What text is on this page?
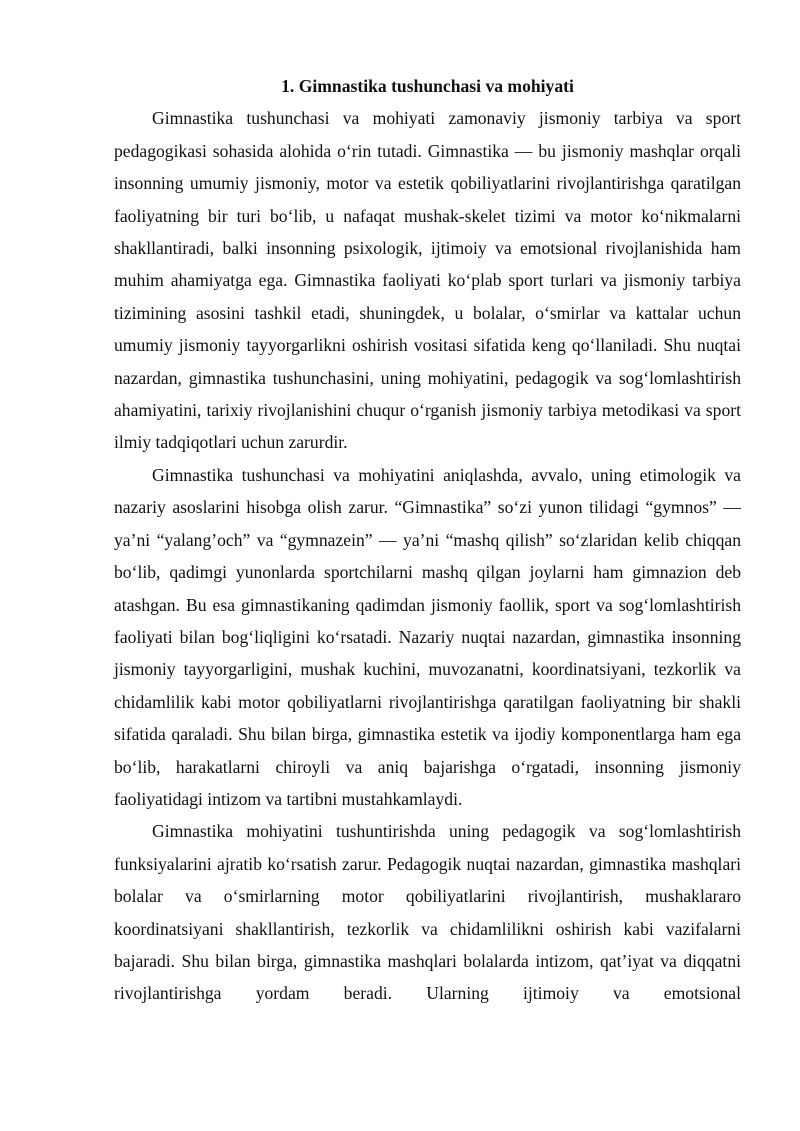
1. Gimnastika tushunchasi va mohiyati

Gimnastika tushunchasi va mohiyati zamonaviy jismoniy tarbiya va sport pedagogikasi sohasida alohida o‘rin tutadi. Gimnastika — bu jismoniy mashqlar orqali insonning umumiy jismoniy, motor va estetik qobiliyatlarini rivojlantirishga qaratilgan faoliyatning bir turi bo‘lib, u nafaqat mushak-skelet tizimi va motor ko‘nikmalarni shakllantiradi, balki insonning psixologik, ijtimoiy va emotsional rivojlanishida ham muhim ahamiyatga ega. Gimnastika faoliyati ko‘plab sport turlari va jismoniy tarbiya tizimining asosini tashkil etadi, shuningdek, u bolalar, o‘smirlar va kattalar uchun umumiy jismoniy tayyorgarlikni oshirish vositasi sifatida keng qo‘llaniladi. Shu nuqtai nazardan, gimnastika tushunchasini, uning mohiyatini, pedagogik va sog‘lomlashtirish ahamiyatini, tarixiy rivojlanishini chuqur o‘rganish jismoniy tarbiya metodikasi va sport ilmiy tadqiqotlari uchun zarurdir.

Gimnastika tushunchasi va mohiyatini aniqlashda, avvalo, uning etimologik va nazariy asoslarini hisobga olish zarur. “Gimnastika” so‘zi yunon tilidagi “gymnos” — ya’ni “yalang’och” va “gymnazein” — ya’ni “mashq qilish” so‘zlaridan kelib chiqqan bo‘lib, qadimgi yunonlarda sportchilarni mashq qilgan joylarni ham gimnazion deb atashgan. Bu esa gimnastikaning qadimdan jismoniy faollik, sport va sog‘lomlashtirish faoliyati bilan bog‘liqligini ko‘rsatadi. Nazariy nuqtai nazardan, gimnastika insonning jismoniy tayyorgarligini, mushak kuchini, muvozanatni, koordinatsiyani, tezkorlik va chidamlilik kabi motor qobiliyatlarni rivojlantirishga qaratilgan faoliyatning bir shakli sifatida qaraladi. Shu bilan birga, gimnastika estetik va ijodiy komponentlarga ham ega bo‘lib, harakatlarni chiroyli va aniq bajarishga o‘rgatadi, insonning jismoniy faoliyatidagi intizom va tartibni mustahkamlaydi.

Gimnastika mohiyatini tushuntirishda uning pedagogik va sog‘lomlashtirish funksiyalarini ajratib ko‘rsatish zarur. Pedagogik nuqtai nazardan, gimnastika mashqlari bolalar va o‘smirlarning motor qobiliyatlarini rivojlantirish, mushaklararo koordinatsiyani shakllantirish, tezkorlik va chidamlilikni oshirish kabi vazifalarni bajaradi. Shu bilan birga, gimnastika mashqlari bolalarda intizom, qat’iyat va diqqatni rivojlantirishga yordam beradi. Ularning ijtimoiy va emotsional
